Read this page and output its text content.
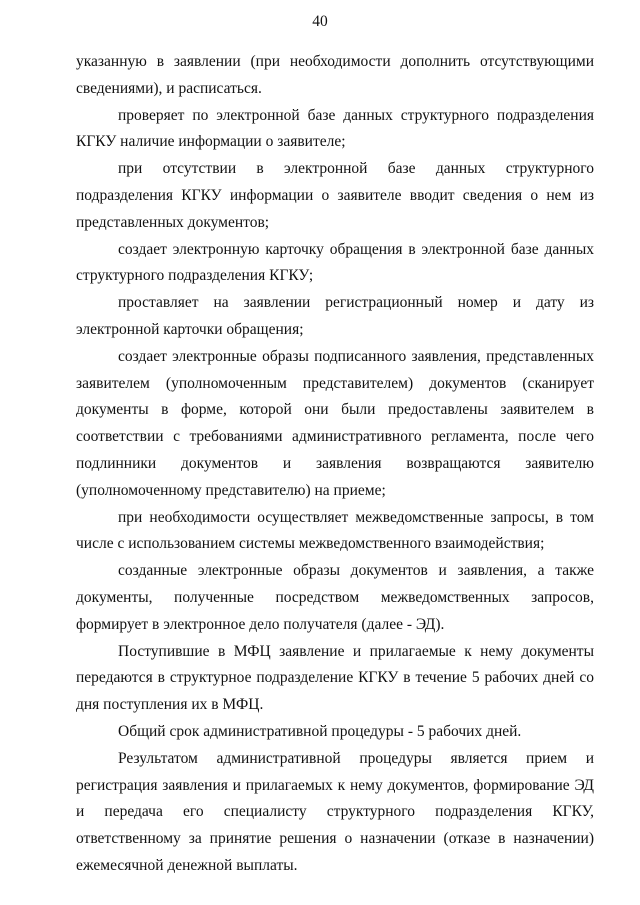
40

указанную в заявлении (при необходимости дополнить отсутствующими сведениями), и расписаться.

проверяет по электронной базе данных структурного подразделения КГКУ наличие информации о заявителе;

при отсутствии в электронной базе данных структурного подразделения КГКУ информации о заявителе вводит сведения о нем из представленных документов;

создает электронную карточку обращения в электронной базе данных структурного подразделения КГКУ;

проставляет на заявлении регистрационный номер и дату из электронной карточки обращения;

создает электронные образы подписанного заявления, представленных заявителем (уполномоченным представителем) документов (сканирует документы в форме, которой они были предоставлены заявителем в соответствии с требованиями административного регламента, после чего подлинники документов и заявления возвращаются заявителю (уполномоченному представителю) на приеме;

при необходимости осуществляет межведомственные запросы, в том числе с использованием системы межведомственного взаимодействия;

созданные электронные образы документов и заявления, а также документы, полученные посредством межведомственных запросов, формирует в электронное дело получателя (далее - ЭД).

Поступившие в МФЦ заявление и прилагаемые к нему документы передаются в структурное подразделение КГКУ в течение 5 рабочих дней со дня поступления их в МФЦ.

Общий срок административной процедуры - 5 рабочих дней.

Результатом административной процедуры является прием и регистрация заявления и прилагаемых к нему документов, формирование ЭД и передача его специалисту структурного подразделения КГКУ, ответственному за принятие решения о назначении (отказе в назначении) ежемесячной денежной выплаты.
